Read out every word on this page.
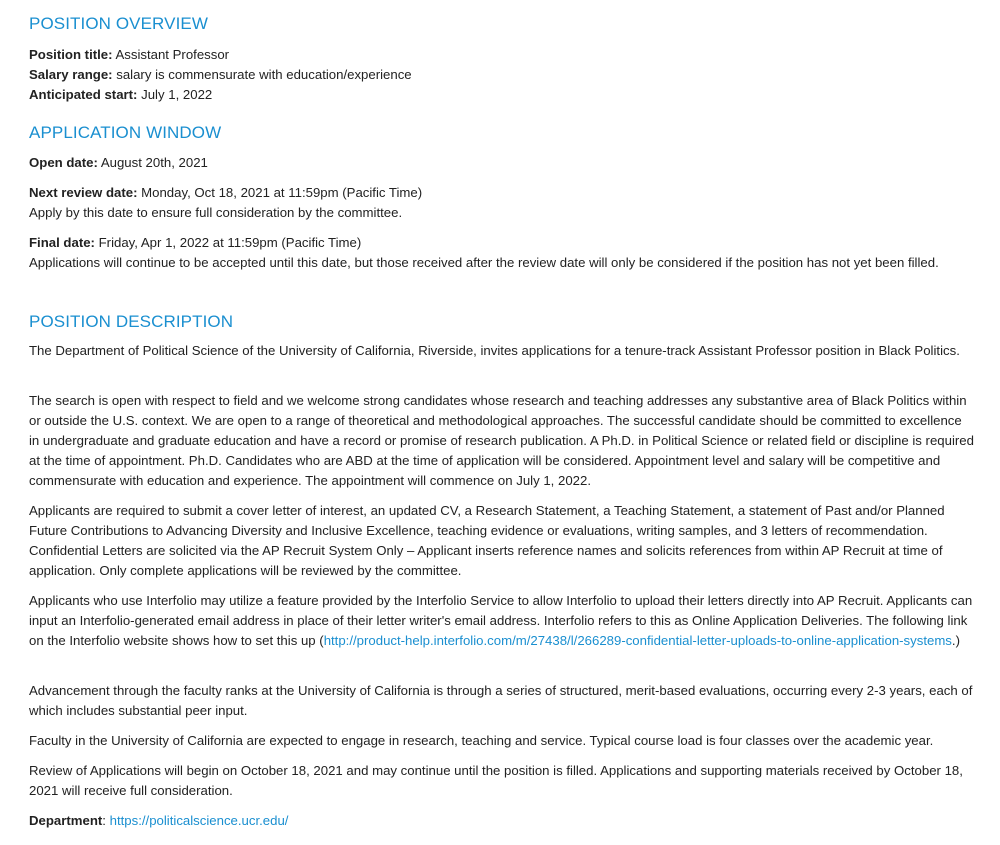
POSITION OVERVIEW
Position title: Assistant Professor
Salary range: salary is commensurate with education/experience
Anticipated start: July 1, 2022
APPLICATION WINDOW
Open date: August 20th, 2021
Next review date: Monday, Oct 18, 2021 at 11:59pm (Pacific Time)
Apply by this date to ensure full consideration by the committee.
Final date: Friday, Apr 1, 2022 at 11:59pm (Pacific Time)
Applications will continue to be accepted until this date, but those received after the review date will only be considered if the position has not yet been filled.
POSITION DESCRIPTION
The Department of Political Science of the University of California, Riverside, invites applications for a tenure-track Assistant Professor position in Black Politics.
The search is open with respect to field and we welcome strong candidates whose research and teaching addresses any substantive area of Black Politics within or outside the U.S. context. We are open to a range of theoretical and methodological approaches. The successful candidate should be committed to excellence in undergraduate and graduate education and have a record or promise of research publication. A Ph.D. in Political Science or related field or discipline is required at the time of appointment. Ph.D. Candidates who are ABD at the time of application will be considered. Appointment level and salary will be competitive and commensurate with education and experience. The appointment will commence on July 1, 2022.
Applicants are required to submit a cover letter of interest, an updated CV, a Research Statement, a Teaching Statement, a statement of Past and/or Planned Future Contributions to Advancing Diversity and Inclusive Excellence, teaching evidence or evaluations, writing samples, and 3 letters of recommendation. Confidential Letters are solicited via the AP Recruit System Only – Applicant inserts reference names and solicits references from within AP Recruit at time of application. Only complete applications will be reviewed by the committee.
Applicants who use Interfolio may utilize a feature provided by the Interfolio Service to allow Interfolio to upload their letters directly into AP Recruit. Applicants can input an Interfolio-generated email address in place of their letter writer's email address. Interfolio refers to this as Online Application Deliveries. The following link on the Interfolio website shows how to set this up (http://product-help.interfolio.com/m/27438/l/266289-confidential-letter-uploads-to-online-application-systems.)
Advancement through the faculty ranks at the University of California is through a series of structured, merit-based evaluations, occurring every 2-3 years, each of which includes substantial peer input.
Faculty in the University of California are expected to engage in research, teaching and service. Typical course load is four classes over the academic year.
Review of Applications will begin on October 18, 2021 and may continue until the position is filled. Applications and supporting materials received by October 18, 2021 will receive full consideration.
Department: https://politicalscience.ucr.edu/
